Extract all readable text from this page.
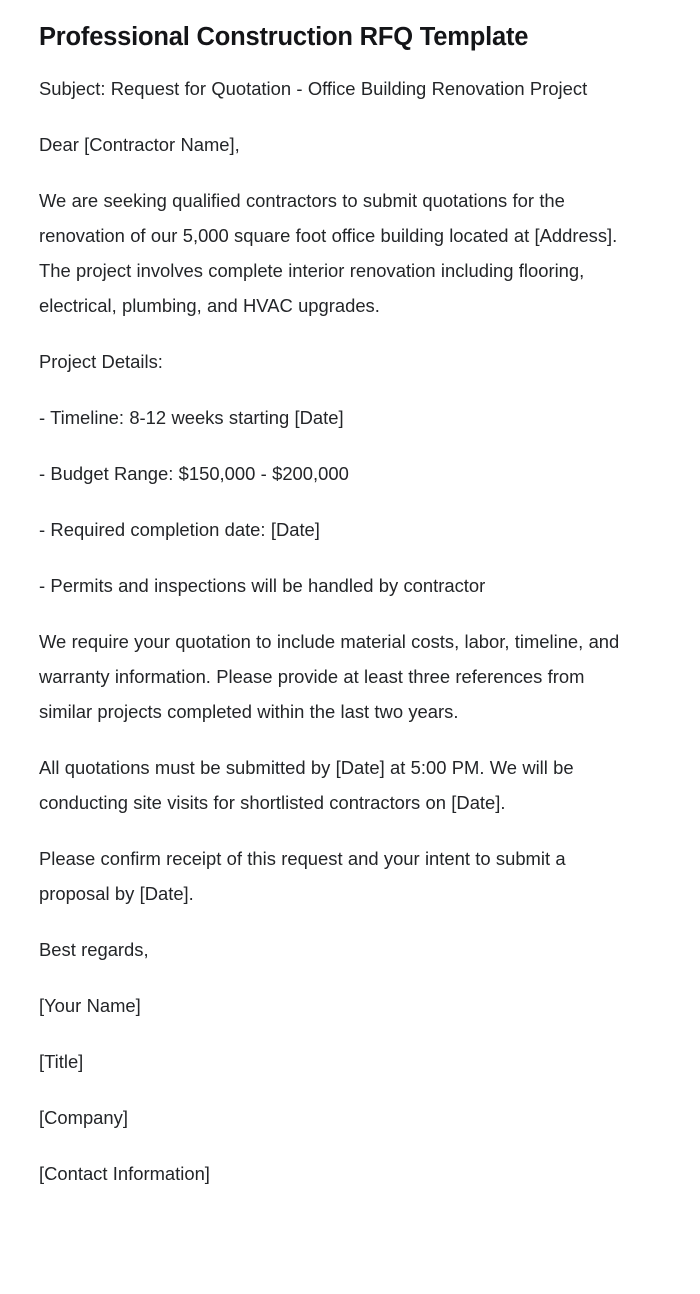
Professional Construction RFQ Template

Subject: Request for Quotation - Office Building Renovation Project

Dear [Contractor Name],

We are seeking qualified contractors to submit quotations for the renovation of our 5,000 square foot office building located at [Address]. The project involves complete interior renovation including flooring, electrical, plumbing, and HVAC upgrades.

Project Details:

- Timeline: 8-12 weeks starting [Date]

- Budget Range: $150,000 - $200,000

- Required completion date: [Date]

- Permits and inspections will be handled by contractor

We require your quotation to include material costs, labor, timeline, and warranty information. Please provide at least three references from similar projects completed within the last two years.

All quotations must be submitted by [Date] at 5:00 PM. We will be conducting site visits for shortlisted contractors on [Date].

Please confirm receipt of this request and your intent to submit a proposal by [Date].

Best regards,

[Your Name]

[Title]

[Company]

[Contact Information]
